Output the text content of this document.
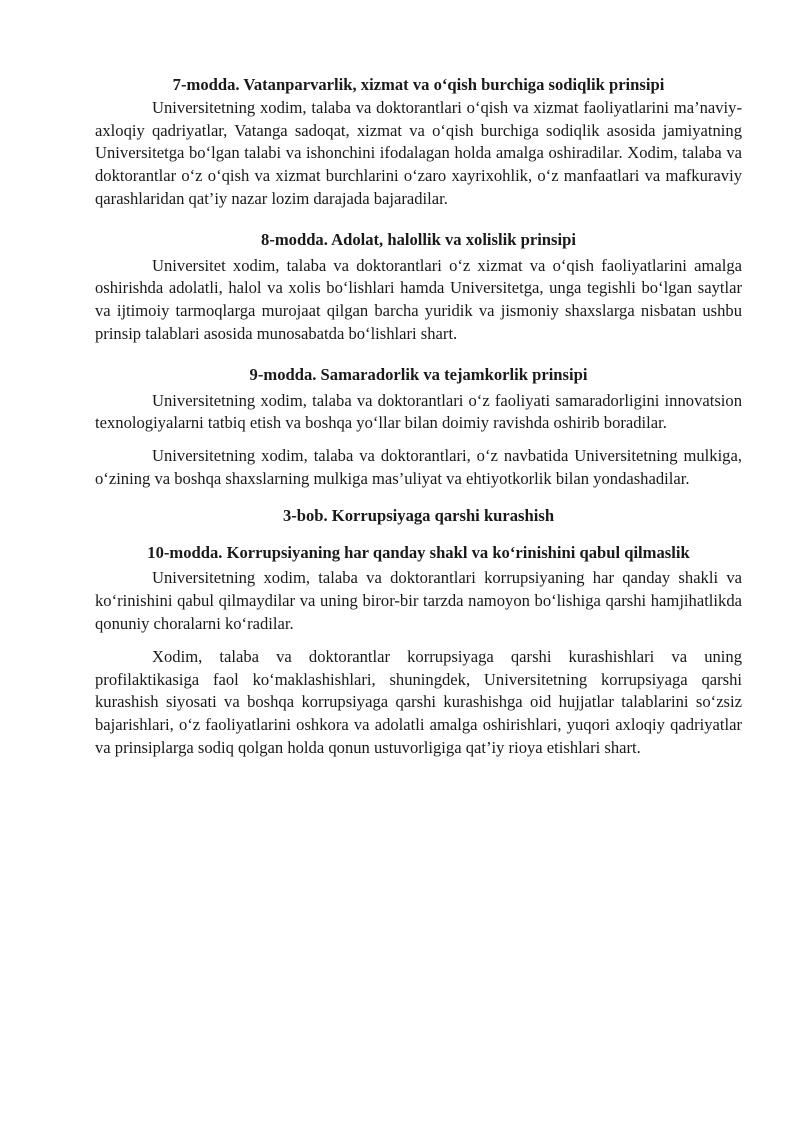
7-modda. Vatanparvarlik, xizmat va o‘qish burchiga sodiqlik prinsipi

Universitetning xodim, talaba va doktorantlari o‘qish va xizmat faoliyatlarini ma’naviy-axloqiy qadriyatlar, Vatanga sadoqat, xizmat va o‘qish burchiga sodiqlik asosida jamiyatning Universitetga bo‘lgan talabi va ishonchini ifodalagan holda amalga oshiradilar. Xodim, talaba va doktorantlar o‘z o‘qish va xizmat burchlarini o‘zaro xayrixohlik, o‘z manfaatlari va mafkuraviy qarashlaridan qat’iy nazar lozim darajada bajaradilar.

8-modda. Adolat, halollik va xolislik prinsipi

Universitet xodim, talaba va doktorantlari o‘z xizmat va o‘qish faoliyatlarini amalga oshirishda adolatli, halol va xolis bo‘lishlari hamda Universitetga, unga tegishli bo‘lgan saytlar va ijtimoiy tarmoqlarga murojaat qilgan barcha yuridik va jismoniy shaxslarga nisbatan ushbu prinsip talablari asosida munosabatda bo‘lishlari shart.

9-modda. Samaradorlik va tejamkorlik prinsipi

Universitetning xodim, talaba va doktorantlari o‘z faoliyati samaradorligini innovatsion texnologiyalarni tatbiq etish va boshqa yo‘llar bilan doimiy ravishda oshirib boradilar.

Universitetning xodim, talaba va doktorantlari, o‘z navbatida Universitetning mulkiga, o‘zining va boshqa shaxslarning mulkiga mas’uliyat va ehtiyotkorlik bilan yondashadilar.

3-bob. Korrupsiyaga qarshi kurashish

10-modda. Korrupsiyaning har qanday shakl va ko‘rinishini qabul qilmaslik

Universitetning xodim, talaba va doktorantlari korrupsiyaning har qanday shakli va ko‘rinishini qabul qilmaydilar va uning biror-bir tarzda namoyon bo‘lishiga qarshi hamjihatlikda qonuniy choralarni ko‘radilar.

Xodim, talaba va doktorantlar korrupsiyaga qarshi kurashishlari va uning profilaktikasiga faol ko‘maklashishlari, shuningdek, Universitetning korrupsiyaga qarshi kurashish siyosati va boshqa korrupsiyaga qarshi kurashishga oid hujjatlar talablarini so‘zsiz bajarishlari, o‘z faoliyatlarini oshkora va adolatli amalga oshirishlari, yuqori axloqiy qadriyatlar va prinsiplarga sodiq qolgan holda qonun ustuvorligiga qat’iy rioya etishlari shart.
